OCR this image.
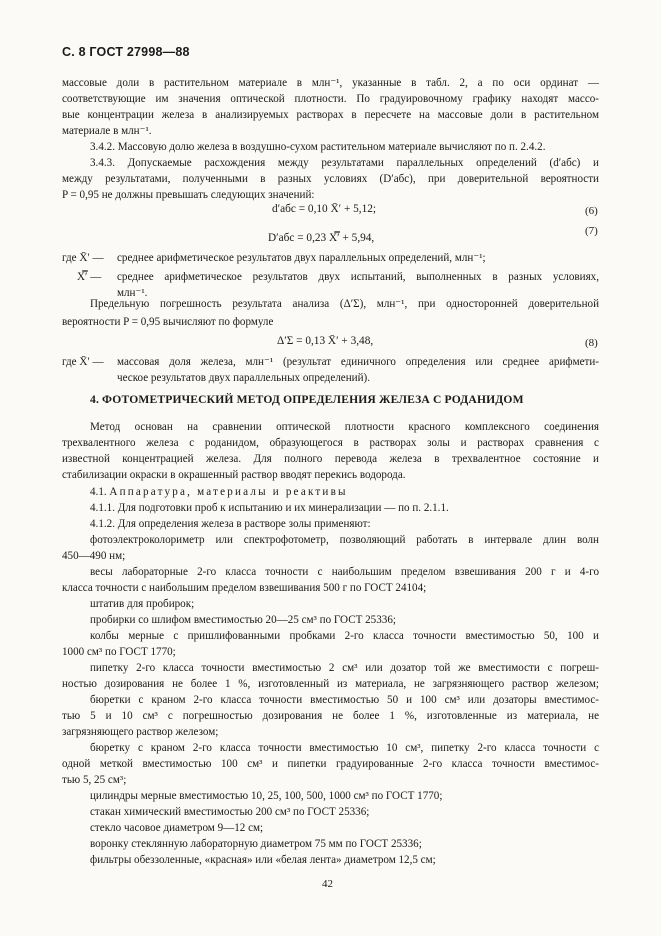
С. 8 ГОСТ 27998—88
массовые доли в растительном материале в млн⁻¹, указанные в табл. 2, а по оси ординат —
соответствующие им значения оптической плотности. По градуировочному графику находят массо-
вые концентрации железа в анализируемых растворах в пересчете на массовые доли в растительном
материале в млн⁻¹.
3.4.2. Массовую долю железа в воздушно-сухом растительном материале вычисляют по п. 2.4.2.
3.4.3. Допускаемые расхождения между результатами параллельных определений (d′абс) и
между результатами, полученными в разных условиях (D′абс), при доверительной вероятности
P = 0,95 не должны превышать следующих значений:
d′абс = 0,10 X̄′ + 5,12;	(6)
D′абс = 0,23 X̿′ + 5,94,
(7)
где X̄′ — среднее арифметическое результатов двух параллельных определений, млн⁻¹;
X̿′ — среднее арифметическое результатов двух испытаний, выполненных в разных условиях,
млн⁻¹.
Предельную погрешность результата анализа (Δ′Σ), млн⁻¹, при односторонней доверительной
вероятности P = 0,95 вычисляют по формуле
Δ′Σ = 0,13 X̄′ + 3,48,	(8)
где X̄′ — массовая доля железа, млн⁻¹ (результат единичного определения или среднее арифмети-
ческое результатов двух параллельных определений).
4. ФОТОМЕТРИЧЕСКИЙ МЕТОД ОПРЕДЕЛЕНИЯ ЖЕЛЕЗА С РОДАНИДОМ
Метод основан на сравнении оптической плотности красного комплексного соединения
трехвалентного железа с роданидом, образующегося в растворах золы и растворах сравнения с
известной концентрацией железа. Для полного перевода железа в трехвалентное состояние и
стабилизации окраски в окрашенный раствор вводят перекись водорода.
4.1. Аппаратура, материалы и реактивы
4.1.1. Для подготовки проб к испытанию и их минерализации — по п. 2.1.1.
4.1.2. Для определения железа в растворе золы применяют:
фотоэлектроколориметр или спектрофотометр, позволяющий работать в интервале длин волн
450—490 нм;
весы лабораторные 2-го класса точности с наибольшим пределом взвешивания 200 г и 4-го
класса точности с наибольшим пределом взвешивания 500 г по ГОСТ 24104;
штатив для пробирок;
пробирки со шлифом вместимостью 20—25 см³ по ГОСТ 25336;
колбы мерные с пришлифованными пробками 2-го класса точности вместимостью 50, 100 и
1000 см³ по ГОСТ 1770;
пипетку 2-го класса точности вместимостью 2 см³ или дозатор той же вместимости с погреш-
ностью дозирования не более 1 %, изготовленный из материала, не загрязняющего раствор железом;
бюретки с краном 2-го класса точности вместимостью 50 и 100 см³ или дозаторы вместимос-
тью 5 и 10 см³ с погрешностью дозирования не более 1 %, изготовленные из материала, не
загрязняющего раствор железом;
бюретку с краном 2-го класса точности вместимостью 10 см³, пипетку 2-го класса точности с
одной меткой вместимостью 100 см³ и пипетки градуированные 2-го класса точности вместимос-
тью 5, 25 см³;
цилиндры мерные вместимостью 10, 25, 100, 500, 1000 см³ по ГОСТ 1770;
стакан химический вместимостью 200 см³ по ГОСТ 25336;
стекло часовое диаметром 9—12 см;
воронку стеклянную лабораторную диаметром 75 мм по ГОСТ 25336;
фильтры обеззоленные, «красная» или «белая лента» диаметром 12,5 см;
42
